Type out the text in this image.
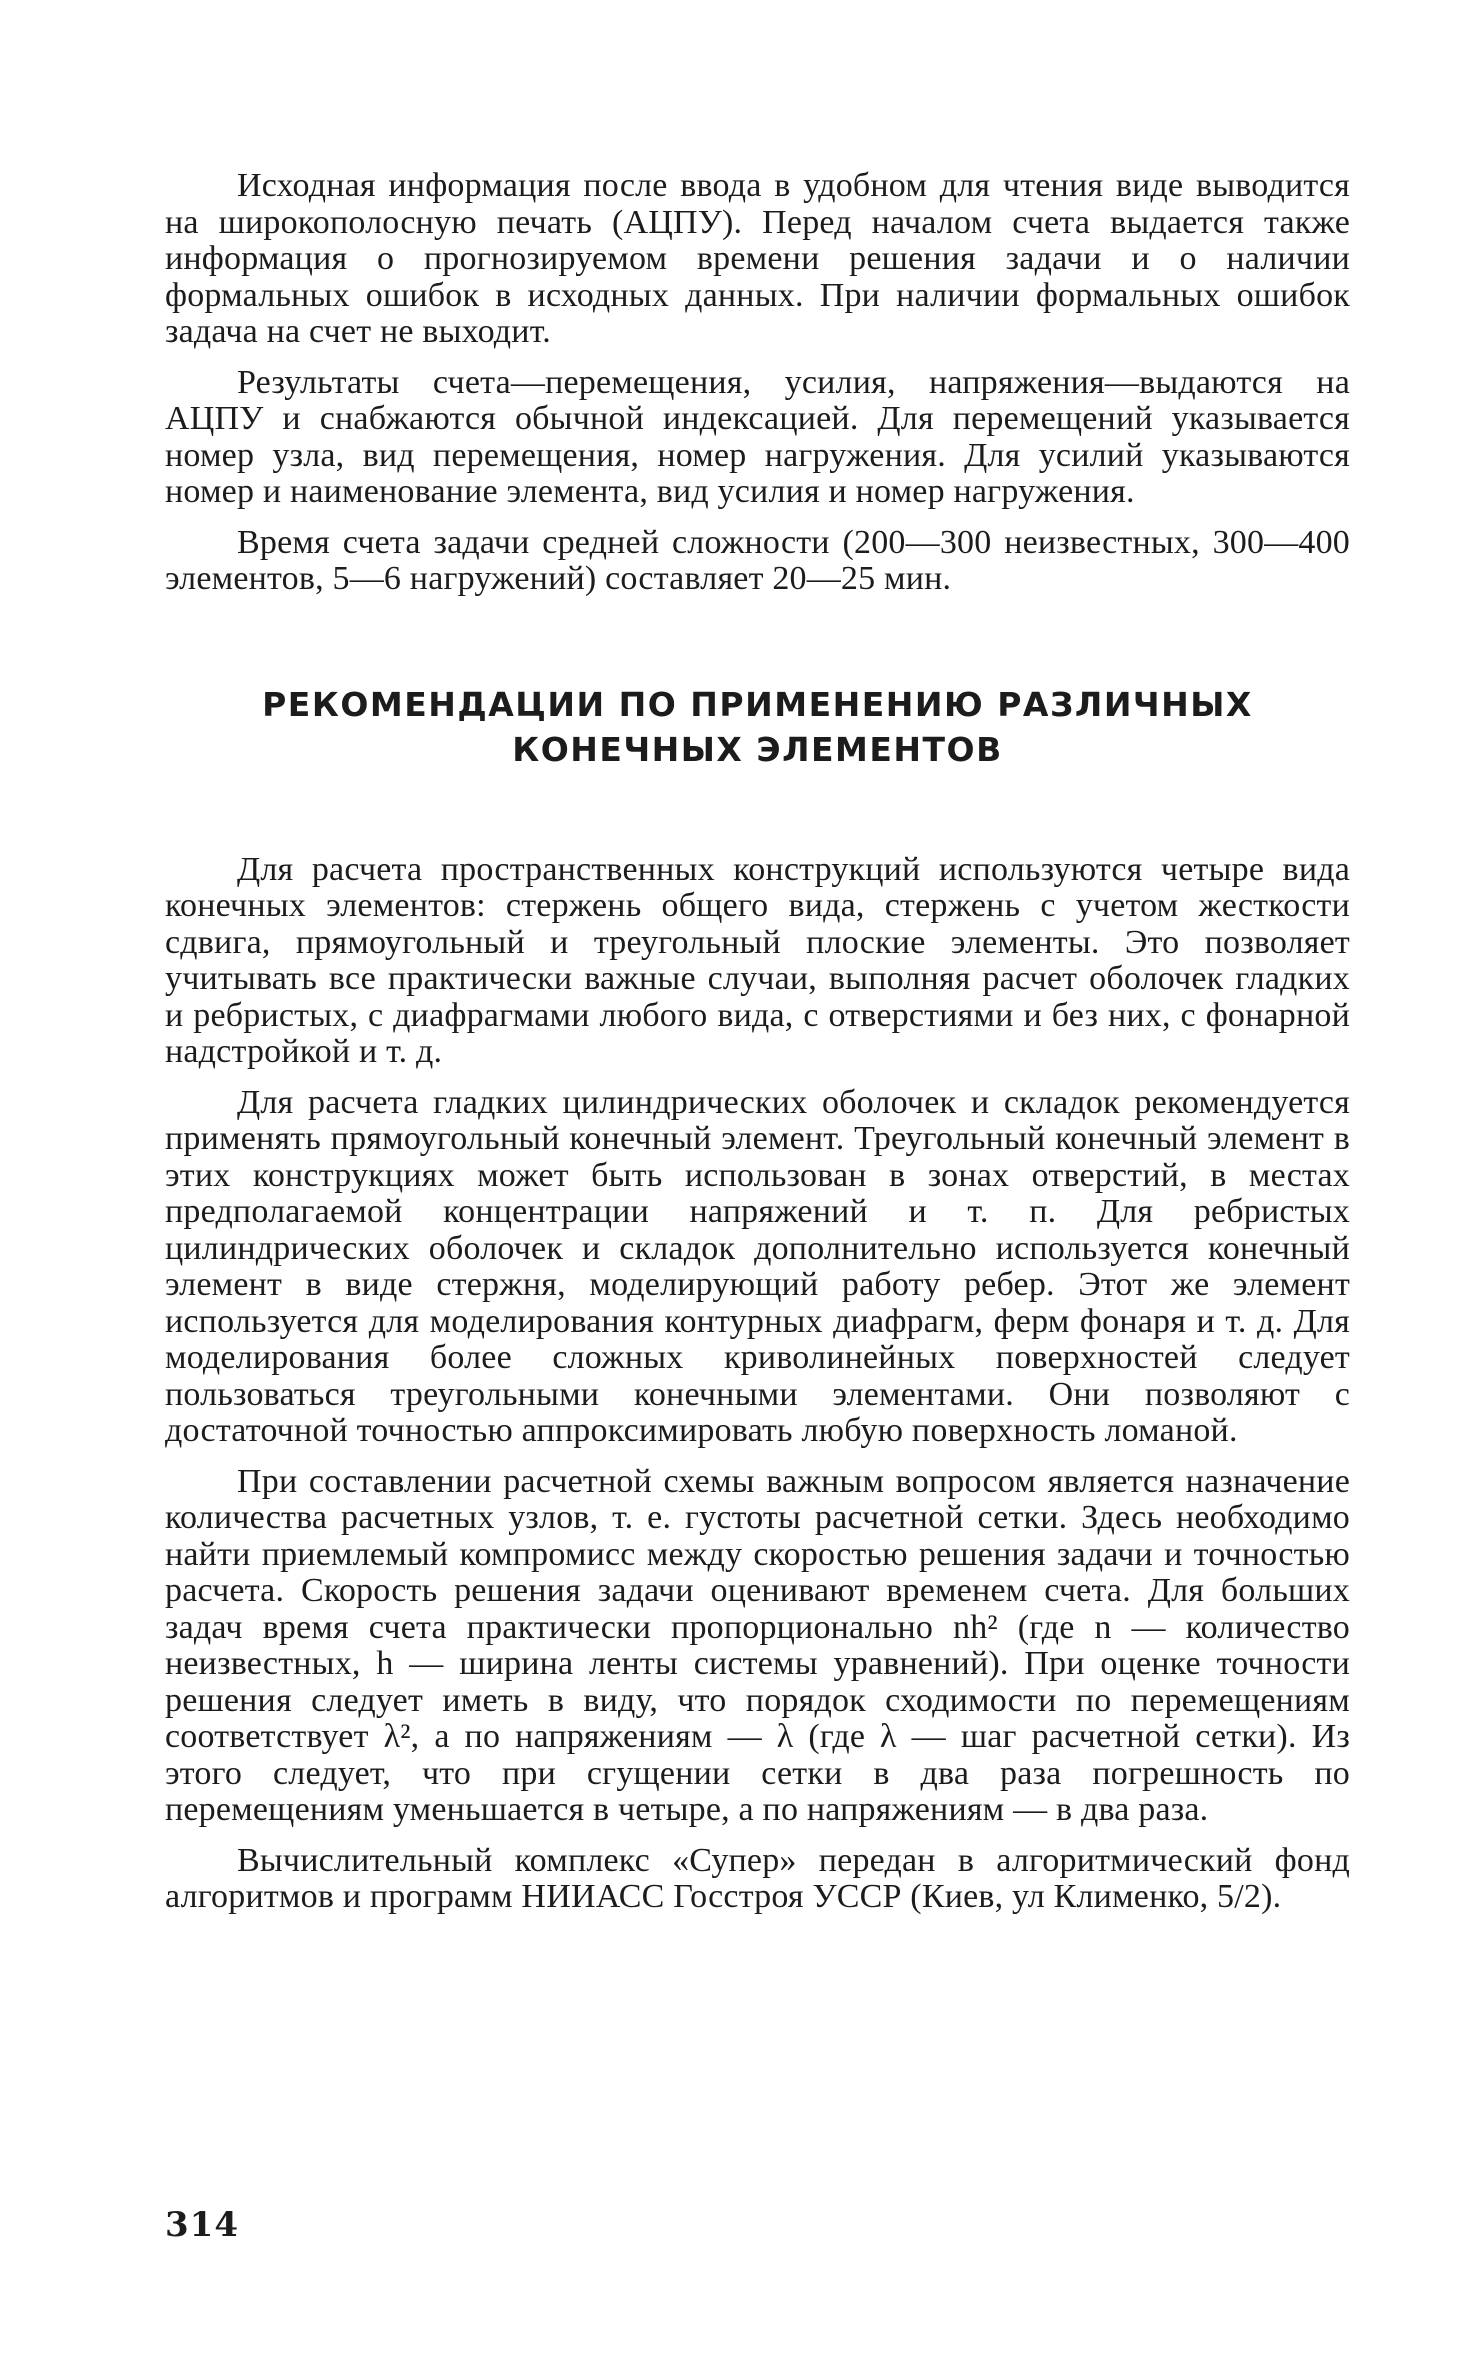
Исходная информация после ввода в удобном для чтения виде выводится на широкополосную печать (АЦПУ). Перед началом счета выдается также информация о прогнозируемом времени решения задачи и о наличии формальных ошибок в исходных данных. При наличии формальных ошибок задача на счет не выходит.

Результаты счета—перемещения, усилия, напряжения—выдаются на АЦПУ и снабжаются обычной индексацией. Для перемещений указывается номер узла, вид перемещения, номер нагружения. Для усилий указываются номер и наименование элемента, вид усилия и номер нагружения.

Время счета задачи средней сложности (200—300 неизвестных, 300—400 элементов, 5—6 нагружений) составляет 20—25 мин.

РЕКОМЕНДАЦИИ ПО ПРИМЕНЕНИЮ РАЗЛИЧНЫХ
КОНЕЧНЫХ ЭЛЕМЕНТОВ

Для расчета пространственных конструкций используются четыре вида конечных элементов: стержень общего вида, стержень с учетом жесткости сдвига, прямоугольный и треугольный плоские элементы. Это позволяет учитывать все практически важные случаи, выполняя расчет оболочек гладких и ребристых, с диафрагмами любого вида, с отверстиями и без них, с фонарной надстройкой и т. д.

Для расчета гладких цилиндрических оболочек и складок рекомендуется применять прямоугольный конечный элемент. Треугольный конечный элемент в этих конструкциях может быть использован в зонах отверстий, в местах предполагаемой концентрации напряжений и т. п. Для ребристых цилиндрических оболочек и складок дополнительно используется конечный элемент в виде стержня, моделирующий работу ребер. Этот же элемент используется для моделирования контурных диафрагм, ферм фонаря и т. д. Для моделирования более сложных криволинейных поверхностей следует пользоваться треугольными конечными элементами. Они позволяют с достаточной точностью аппроксимировать любую поверхность ломаной.

При составлении расчетной схемы важным вопросом является назначение количества расчетных узлов, т. е. густоты расчетной сетки. Здесь необходимо найти приемлемый компромисс между скоростью решения задачи и точностью расчета. Скорость решения задачи оценивают временем счета. Для больших задач время счета практически пропорционально nh² (где n — количество неизвестных, h — ширина ленты системы уравнений). При оценке точности решения следует иметь в виду, что порядок сходимости по перемещениям соответствует λ², а по напряжениям — λ (где λ — шаг расчетной сетки). Из этого следует, что при сгущении сетки в два раза погрешность по перемещениям уменьшается в четыре, а по напряжениям — в два раза.

Вычислительный комплекс «Супер» передан в алгоритмический фонд алгоритмов и программ НИИАСС Госстроя УССР (Киев, ул Клименко, 5/2).

314
